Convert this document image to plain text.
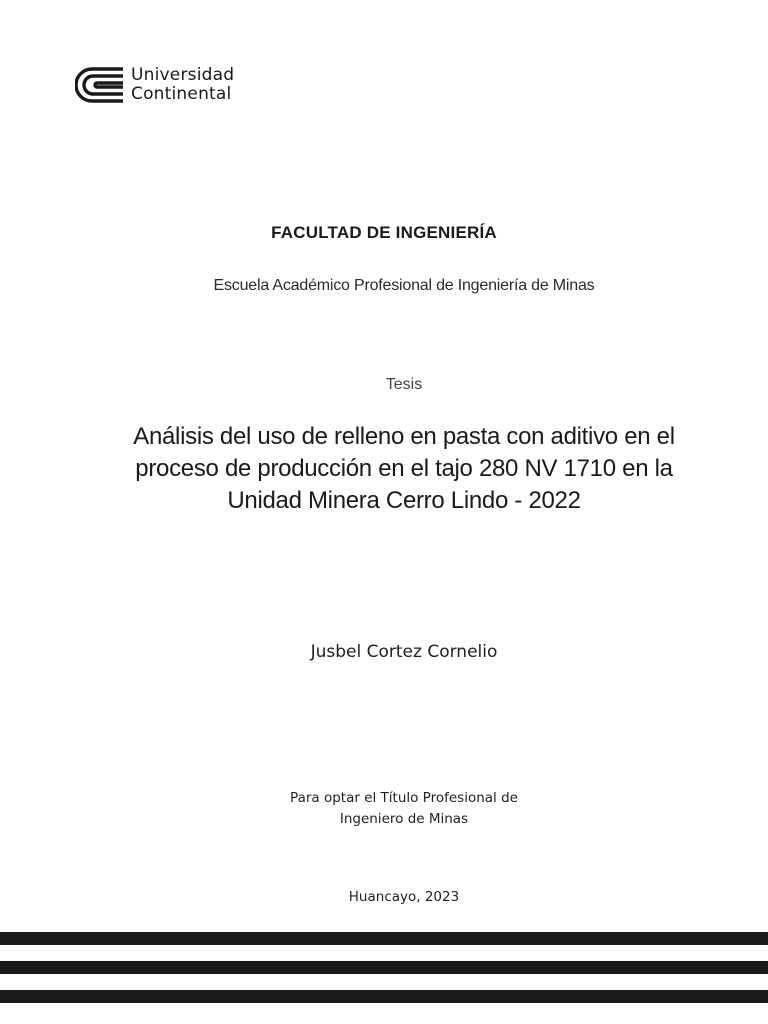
Universidad
Continental
FACULTAD DE INGENIERÍA
Escuela Académico Profesional de Ingeniería de Minas
Tesis
Análisis del uso de relleno en pasta con aditivo en el proceso de producción en el tajo 280 NV 1710 en la Unidad Minera Cerro Lindo - 2022
Jusbel Cortez Cornelio
Para optar el Título Profesional de
Ingeniero de Minas
Huancayo, 2023
